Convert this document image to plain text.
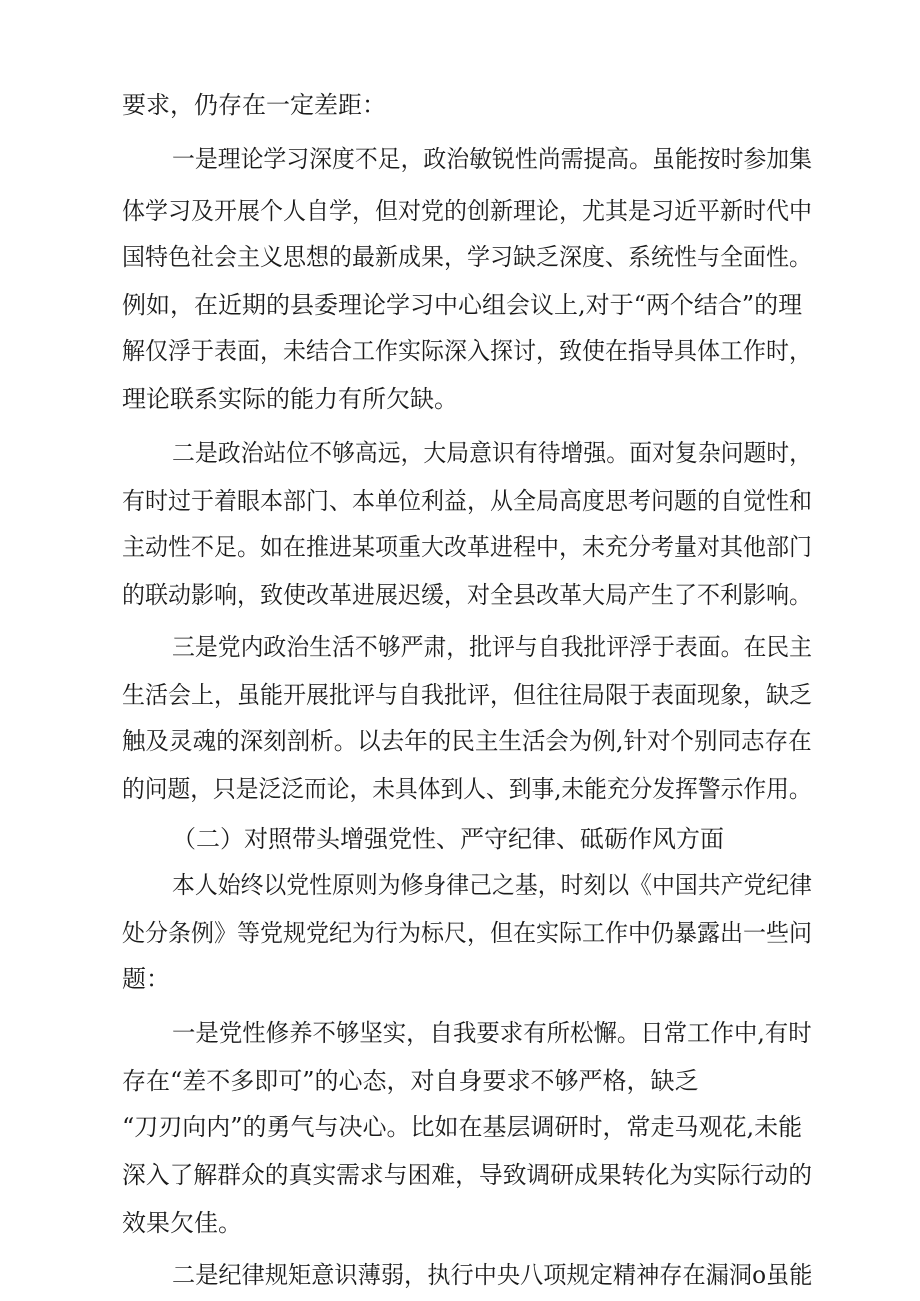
要求，仍存在一定差距：
一是理论学习深度不足，政治敏锐性尚需提高。虽能按时参加集
体学习及开展个人自学，但对党的创新理论，尤其是习近平新时代中
国特色社会主义思想的最新成果，学习缺乏深度、系统性与全面性。
例如，在近期的县委理论学习中心组会议上,对于“两个结合”的理
解仅浮于表面，未结合工作实际深入探讨，致使在指导具体工作时，
理论联系实际的能力有所欠缺。
二是政治站位不够高远，大局意识有待增强。面对复杂问题时，
有时过于着眼本部门、本单位利益，从全局高度思考问题的自觉性和
主动性不足。如在推进某项重大改革进程中，未充分考量对其他部门
的联动影响，致使改革进展迟缓，对全县改革大局产生了不利影响。
三是党内政治生活不够严肃，批评与自我批评浮于表面。在民主
生活会上，虽能开展批评与自我批评，但往往局限于表面现象，缺乏
触及灵魂的深刻剖析。以去年的民主生活会为例,针对个别同志存在
的问题，只是泛泛而论，未具体到人、到事,未能充分发挥警示作用。
（二）对照带头增强党性、严守纪律、砥砺作风方面
本人始终以党性原则为修身律己之基，时刻以《中国共产党纪律
处分条例》等党规党纪为行为标尺，但在实际工作中仍暴露出一些问
题：
一是党性修养不够坚实，自我要求有所松懈。日常工作中,有时
存在“差不多即可”的心态，对自身要求不够严格，缺乏
“刀刃向内”的勇气与决心。比如在基层调研时，常走马观花,未能
深入了解群众的真实需求与困难，导致调研成果转化为实际行动的
效果欠佳。
二是纪律规矩意识薄弱，执行中央八项规定精神存在漏洞o虽能
